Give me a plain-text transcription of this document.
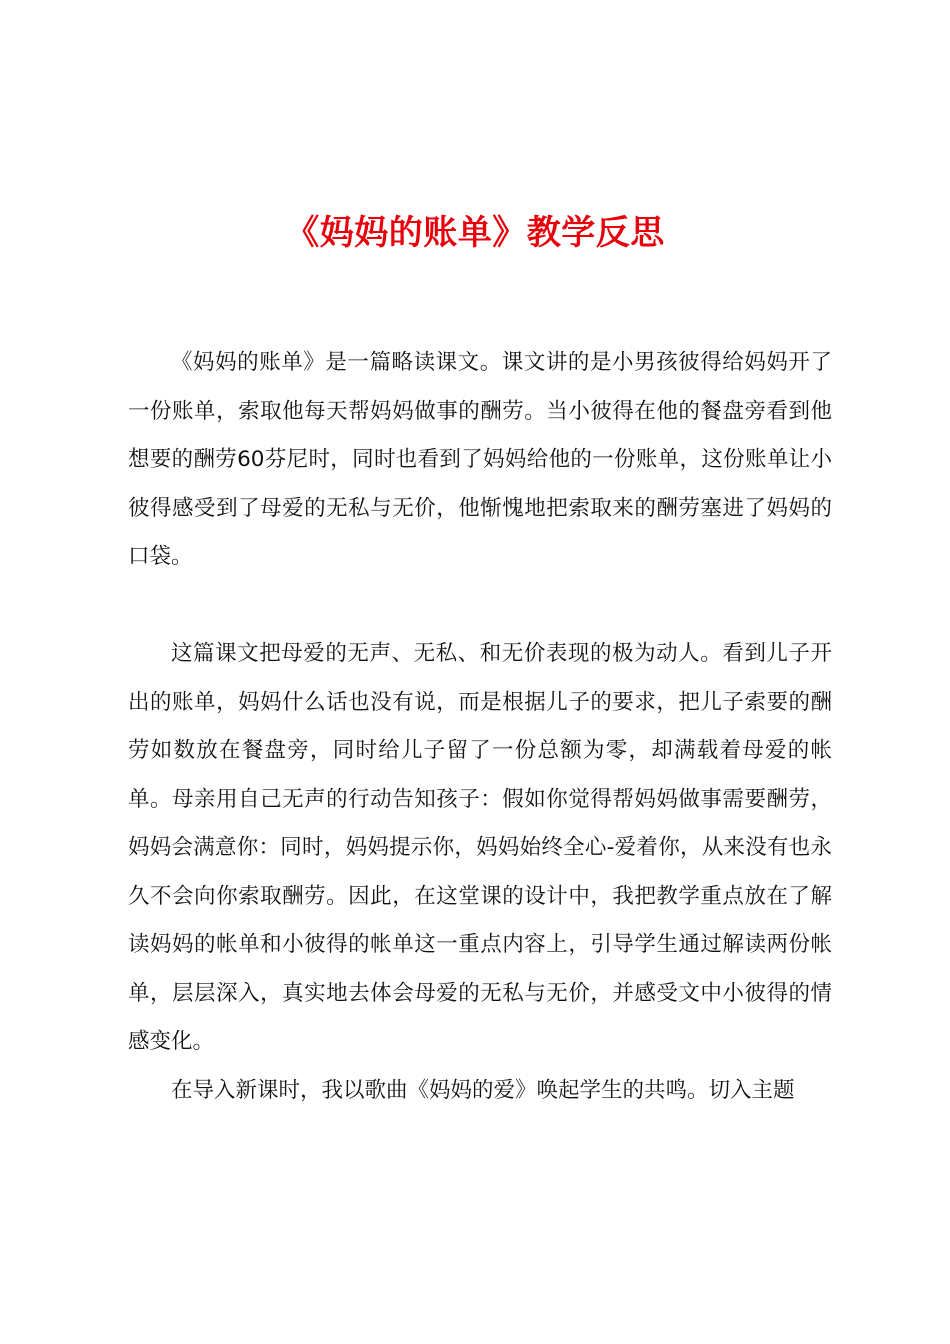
《妈妈的账单》教学反思

《妈妈的账单》是一篇略读课文。课文讲的是小男孩彼得给妈妈开了一份账单，索取他每天帮妈妈做事的酬劳。当小彼得在他的餐盘旁看到他想要的酬劳60芬尼时，同时也看到了妈妈给他的一份账单，这份账单让小彼得感受到了母爱的无私与无价，他惭愧地把索取来的酬劳塞进了妈妈的口袋。

这篇课文把母爱的无声、无私、和无价表现的极为动人。看到儿子开出的账单，妈妈什么话也没有说，而是根据儿子的要求，把儿子索要的酬劳如数放在餐盘旁，同时给儿子留了一份总额为零，却满载着母爱的帐单。母亲用自己无声的行动告知孩子：假如你觉得帮妈妈做事需要酬劳，妈妈会满意你：同时，妈妈提示你，妈妈始终全心-爱着你，从来没有也永久不会向你索取酬劳。因此，在这堂课的设计中，我把教学重点放在了解读妈妈的帐单和小彼得的帐单这一重点内容上，引导学生通过解读两份帐单，层层深入，真实地去体会母爱的无私与无价，并感受文中小彼得的情感变化。

在导入新课时，我以歌曲《妈妈的爱》唤起学生的共鸣。切入主题
